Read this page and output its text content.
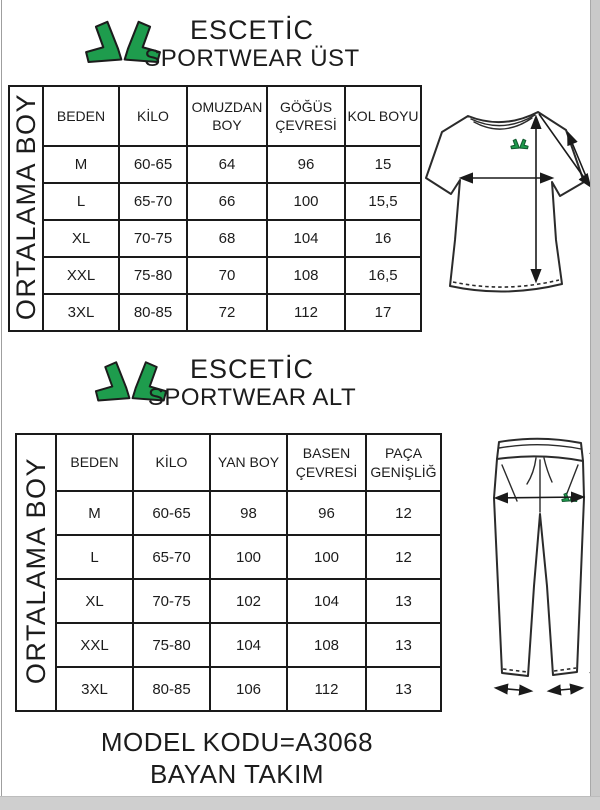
ESCETİC
SPORTWEAR ÜST
ORTALAMA BOY	BEDEN	KİLO	OMUZDAN BOY	GÖĞÜS ÇEVRESİ	KOL BOYU
	M	60-65	64	96	15
	L	65-70	66	100	15,5
	XL	70-75	68	104	16
	XXL	75-80	70	108	16,5
	3XL	80-85	72	112	17
ESCETİC
SPORTWEAR ALT
ORTALAMA BOY	BEDEN	KİLO	YAN BOY	BASEN ÇEVRESİ	PAÇA GENİŞLİĞ
	M	60-65	98	96	12
	L	65-70	100	100	12
	XL	70-75	102	104	13
	XXL	75-80	104	108	13
	3XL	80-85	106	112	13
MODEL KODU=A3068
BAYAN TAKIM
